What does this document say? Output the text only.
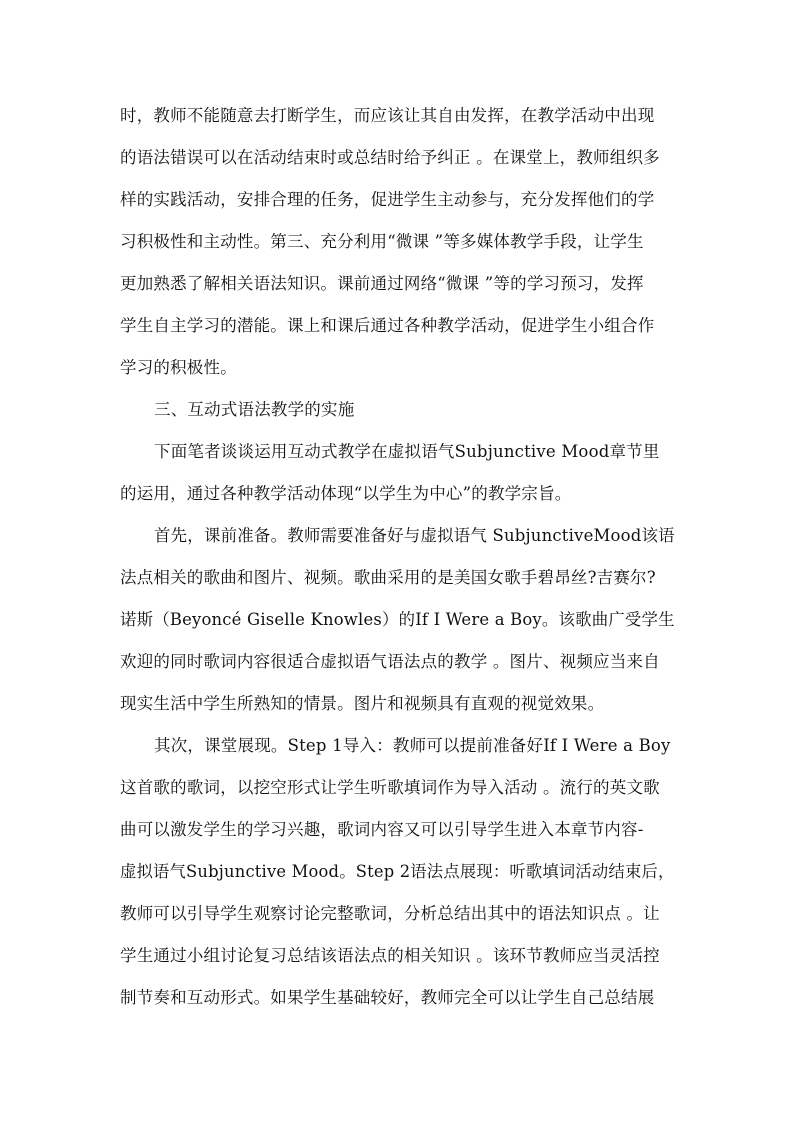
时，教师不能随意去打断学生，而应该让其自由发挥，在教学活动中出现
的语法错误可以在活动结束时或总结时给予纠正 。在课堂上，教师组织多
样的实践活动，安排合理的任务，促进学生主动参与，充分发挥他们的学
习积极性和主动性。第三、充分利用“微课 ”等多媒体教学手段，让学生
更加熟悉了解相关语法知识。课前通过网络“微课 ”等的学习预习，发挥
学生自主学习的潜能。课上和课后通过各种教学活动，促进学生小组合作
学习的积极性。
三、互动式语法教学的实施
下面笔者谈谈运用互动式教学在虚拟语气Subjunctive Mood章节里
的运用，通过各种教学活动体现“以学生为中心”的教学宗旨。
首先，课前准备。教师需要准备好与虚拟语气 SubjunctiveMood该语
法点相关的歌曲和图片、视频。歌曲采用的是美国女歌手碧昂丝?吉赛尔?
诺斯（Beyoncé Giselle Knowles）的If I Were a Boy。该歌曲广受学生
欢迎的同时歌词内容很适合虚拟语气语法点的教学 。图片、视频应当来自
现实生活中学生所熟知的情景。图片和视频具有直观的视觉效果。
其次，课堂展现。Step 1导入：教师可以提前准备好If I Were a Boy
这首歌的歌词，以挖空形式让学生听歌填词作为导入活动 。流行的英文歌
曲可以激发学生的学习兴趣，歌词内容又可以引导学生进入本章节内容-
虚拟语气Subjunctive Mood。Step 2语法点展现：听歌填词活动结束后，
教师可以引导学生观察讨论完整歌词，分析总结出其中的语法知识点 。让
学生通过小组讨论复习总结该语法点的相关知识 。该环节教师应当灵活控
制节奏和互动形式。如果学生基础较好，教师完全可以让学生自己总结展
